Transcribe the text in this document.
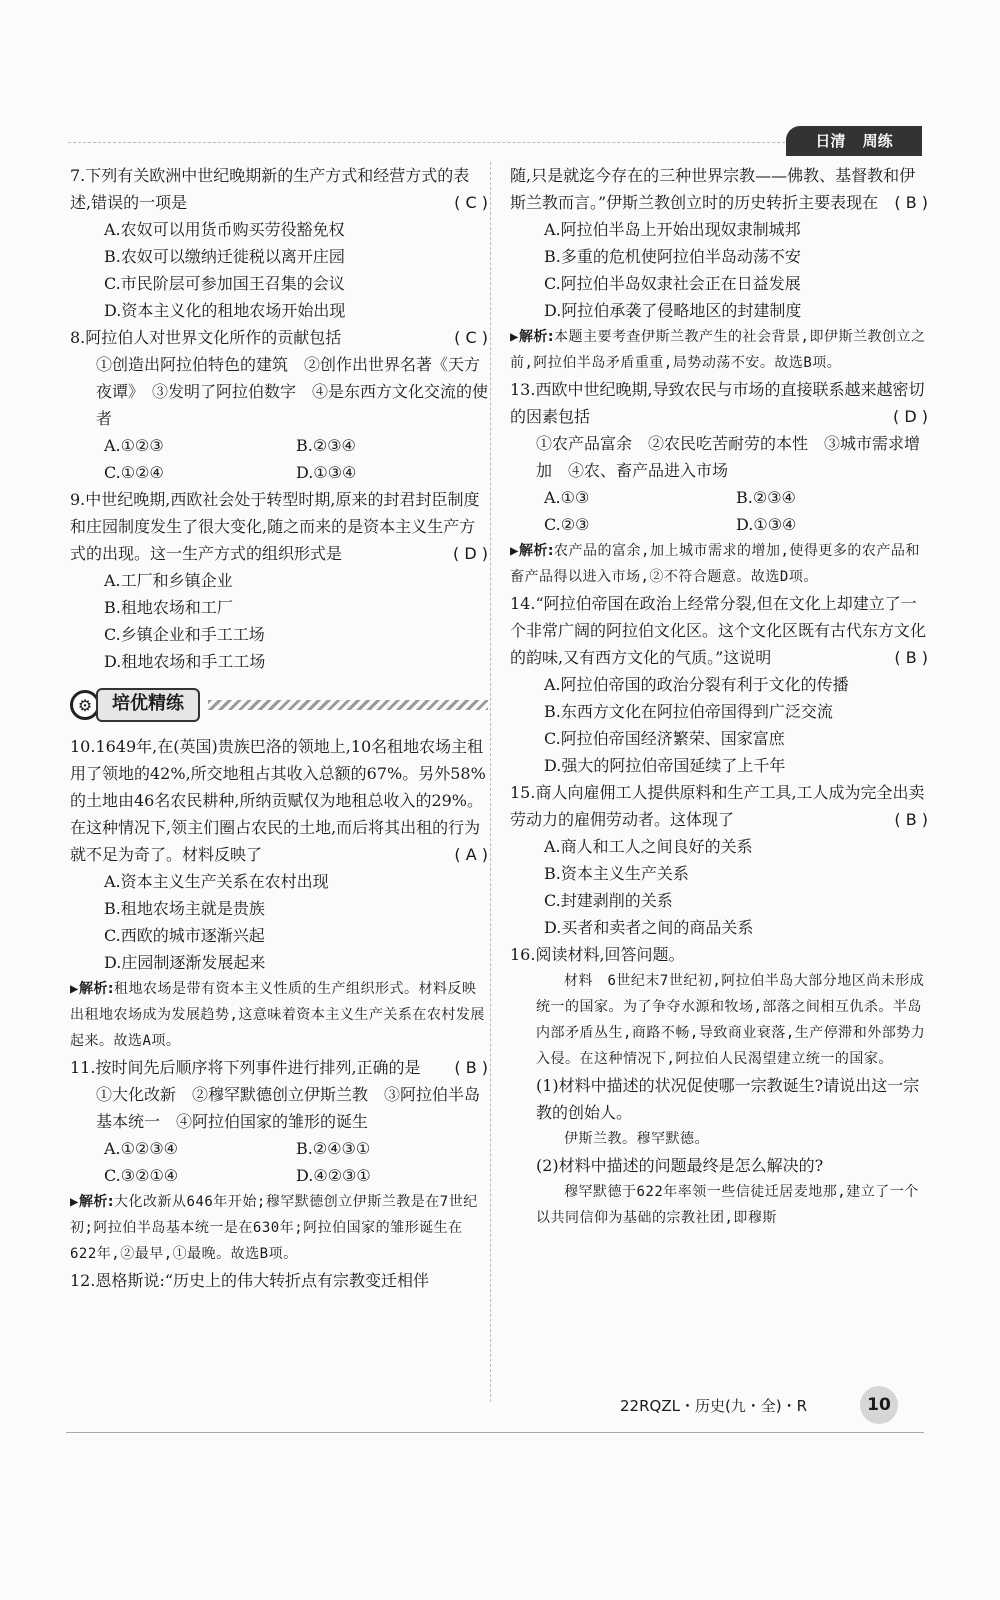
日清 周练
7.下列有关欧洲中世纪晚期新的生产方式和经营方式的表述,错误的一项是	( C )
A.农奴可以用货币购买劳役豁免权
B.农奴可以缴纳迁徙税以离开庄园
C.市民阶层可参加国王召集的会议
D.资本主义化的租地农场开始出现
8.阿拉伯人对世界文化所作的贡献包括	( C )
①创造出阿拉伯特色的建筑　②创作出世界名著《天方夜谭》　③发明了阿拉伯数字　④是东西方文化交流的使者
A.①②③	B.②③④
C.①②④	D.①③④
9.中世纪晚期,西欧社会处于转型时期,原来的封君封臣制度和庄园制度发生了很大变化,随之而来的是资本主义生产方式的出现。这一生产方式的组织形式是	( D )
A.工厂和乡镇企业
B.租地农场和工厂
C.乡镇企业和手工工场
D.租地农场和手工工场
⚙	培优精练
10.1649年,在(英国)贵族巴洛的领地上,10名租地农场主租用了领地的42%,所交地租占其收入总额的67%。另外58%的土地由46名农民耕种,所纳贡赋仅为地租总收入的29%。在这种情况下,领主们圈占农民的土地,而后将其出租的行为就不足为奇了。材料反映了	( A )
A.资本主义生产关系在农村出现
B.租地农场主就是贵族
C.西欧的城市逐渐兴起
D.庄园制逐渐发展起来
▶解析:租地农场是带有资本主义性质的生产组织形式。材料反映出租地农场成为发展趋势,这意味着资本主义生产关系在农村发展起来。故选A项。
11.按时间先后顺序将下列事件进行排列,正确的是 ( B )
①大化改新　②穆罕默德创立伊斯兰教　③阿拉伯半岛基本统一　④阿拉伯国家的雏形的诞生
A.①②③④	B.②④③①
C.③②①④	D.④②③①
▶解析:大化改新从646年开始;穆罕默德创立伊斯兰教是在7世纪初;阿拉伯半岛基本统一是在630年;阿拉伯国家的雏形诞生在622年,②最早,①最晚。故选B项。
12.恩格斯说:“历史上的伟大转折点有宗教变迁相伴
随,只是就迄今存在的三种世界宗教——佛教、基督教和伊斯兰教而言。”伊斯兰教创立时的历史转折主要表现在 ( B )
A.阿拉伯半岛上开始出现奴隶制城邦
B.多重的危机使阿拉伯半岛动荡不安
C.阿拉伯半岛奴隶社会正在日益发展
D.阿拉伯承袭了侵略地区的封建制度
▶解析:本题主要考查伊斯兰教产生的社会背景,即伊斯兰教创立之前,阿拉伯半岛矛盾重重,局势动荡不安。故选B项。
13.西欧中世纪晚期,导致农民与市场的直接联系越来越密切的因素包括	( D )
①农产品富余　②农民吃苦耐劳的本性　③城市需求增加　④农、畜产品进入市场
A.①③	B.②③④
C.②③	D.①③④
▶解析:农产品的富余,加上城市需求的增加,使得更多的农产品和畜产品得以进入市场,②不符合题意。故选D项。
14.“阿拉伯帝国在政治上经常分裂,但在文化上却建立了一个非常广阔的阿拉伯文化区。这个文化区既有古代东方文化的韵味,又有西方文化的气质。”这说明	( B )
A.阿拉伯帝国的政治分裂有利于文化的传播
B.东西方文化在阿拉伯帝国得到广泛交流
C.阿拉伯帝国经济繁荣、国家富庶
D.强大的阿拉伯帝国延续了上千年
15.商人向雇佣工人提供原料和生产工具,工人成为完全出卖劳动力的雇佣劳动者。这体现了	( B )
A.商人和工人之间良好的关系
B.资本主义生产关系
C.封建剥削的关系
D.买者和卖者之间的商品关系
16.阅读材料,回答问题。
材料　6世纪末7世纪初,阿拉伯半岛大部分地区尚未形成统一的国家。为了争夺水源和牧场,部落之间相互仇杀。半岛内部矛盾丛生,商路不畅,导致商业衰落,生产停滞和外部势力入侵。在这种情况下,阿拉伯人民渴望建立统一的国家。
(1)材料中描述的状况促使哪一宗教诞生?请说出这一宗教的创始人。
伊斯兰教。穆罕默德。
(2)材料中描述的问题最终是怎么解决的?
穆罕默德于622年率领一些信徒迁居麦地那,建立了一个以共同信仰为基础的宗教社团,即穆斯
22RQZL・历史(九・全)・R	10
